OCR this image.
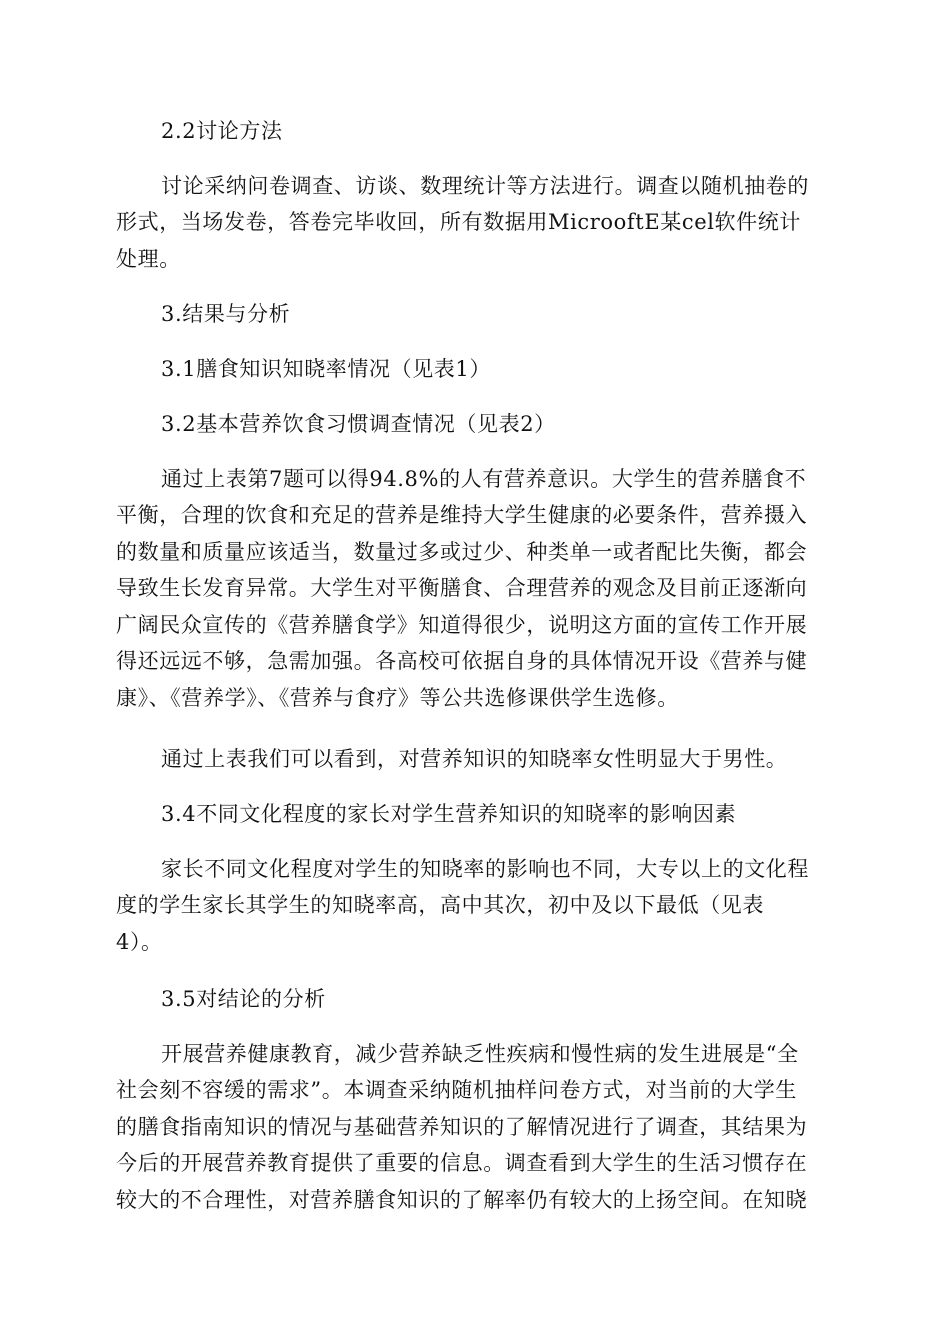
2.2讨论方法
讨论采纳问卷调查、访谈、数理统计等方法进行。调查以随机抽卷的
形式，当场发卷，答卷完毕收回，所有数据用MicrooftE某cel软件统计
处理。
3.结果与分析
3.1膳食知识知晓率情况（见表1）
3.2基本营养饮食习惯调查情况（见表2）
通过上表第7题可以得94.8%的人有营养意识。大学生的营养膳食不
平衡，合理的饮食和充足的营养是维持大学生健康的必要条件，营养摄入
的数量和质量应该适当，数量过多或过少、种类单一或者配比失衡，都会
导致生长发育异常。大学生对平衡膳食、合理营养的观念及目前正逐渐向
广阔民众宣传的《营养膳食学》知道得很少，说明这方面的宣传工作开展
得还远远不够，急需加强。各高校可依据自身的具体情况开设《营养与健
康》、《营养学》、《营养与食疗》等公共选修课供学生选修。
通过上表我们可以看到，对营养知识的知晓率女性明显大于男性。
3.4不同文化程度的家长对学生营养知识的知晓率的影响因素
家长不同文化程度对学生的知晓率的影响也不同，大专以上的文化程
度的学生家长其学生的知晓率高，高中其次，初中及以下最低（见表
4）。
3.5对结论的分析
开展营养健康教育，减少营养缺乏性疾病和慢性病的发生进展是“全
社会刻不容缓的需求”。本调查采纳随机抽样问卷方式，对当前的大学生
的膳食指南知识的情况与基础营养知识的了解情况进行了调查，其结果为
今后的开展营养教育提供了重要的信息。调查看到大学生的生活习惯存在
较大的不合理性，对营养膳食知识的了解率仍有较大的上扬空间。在知晓
